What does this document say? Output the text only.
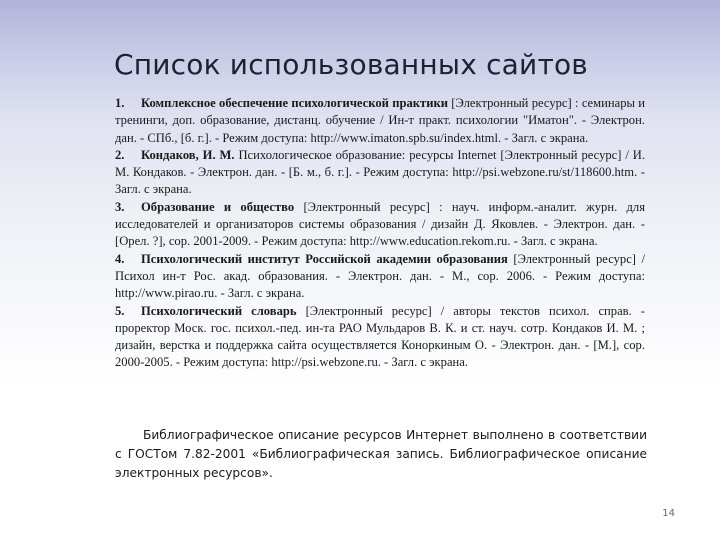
Список использованных сайтов

1. Комплексное обеспечение психологической практики [Электронный ресурс] : семинары и тренинги, доп. образование, дистанц. обучение / Ин-т практ. психологии "Иматон". - Электрон. дан. - СПб., [б. г.]. - Режим доступа: http://www.imaton.spb.su/index.html. - Загл. с экрана.

2. Кондаков, И. М. Психологическое образование: ресурсы Internet [Электронный ресурс] / И. М. Кондаков. - Электрон. дан. - [Б. м., б. г.]. - Режим доступа: http://psi.webzone.ru/st/118600.htm. - Загл. с экрана.

3. Образование и общество [Электронный ресурс] : науч. информ.-аналит. журн. для исследователей и организаторов системы образования / дизайн Д. Яковлев. - Электрон. дан. - [Орел. ?], cop. 2001-2009. - Режим доступа: http://www.education.rekom.ru. - Загл. с экрана.

4. Психологический институт Российской академии образования [Электронный ресурс] / Психол ин-т Рос. акад. образования. - Электрон. дан. - М., cop. 2006. - Режим доступа: http://www.pirao.ru. - Загл. с экрана.

5. Психологический словарь [Электронный ресурс] / авторы текстов психол. справ. - проректор Моск. гос. психол.-пед. ин-та РАО Мульдаров В. К. и ст. науч. сотр. Кондаков И. М. ; дизайн, верстка и поддержка сайта осуществляется Коноркиным О. - Электрон. дан. - [М.], cop. 2000-2005. - Режим доступа: http://psi.webzone.ru. - Загл. с экрана.

Библиографическое описание ресурсов Интернет выполнено в соответствии с ГОСТом 7.82-2001 «Библиографическая запись. Библиографическое описание электронных ресурсов».

14
